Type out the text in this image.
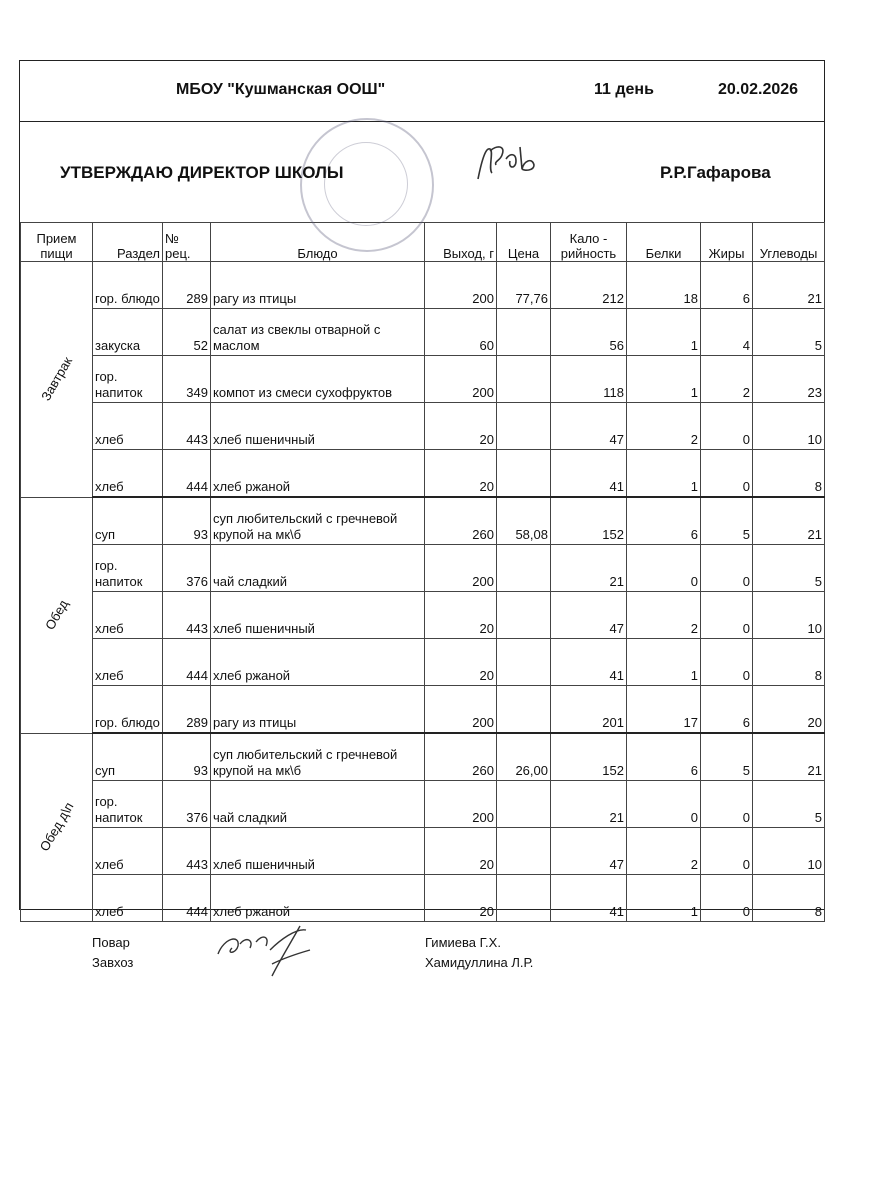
МБОУ "Кушманская ООШ"	11 день	20.02.2026
УТВЕРЖДАЮ ДИРЕКТОР ШКОЛЫ	Р.Р.Гафарова
Прием пищи	Раздел	№ рец.	Блюдо	Выход, г	Цена	Кало - рийность	Белки	Жиры	Углеводы

Завтрак	гор. блюдо	289	рагу из птицы	200	77,76	212	18	6	21
	закуска	52	салат из свеклы отварной с маслом	60		56	1	4	5
	гор. напиток	349	компот из смеси сухофруктов	200		118	1	2	23
	хлеб	443	хлеб пшеничный	20		47	2	0	10
	хлеб	444	хлеб ржаной	20		41	1	0	8

Обед	суп	93	суп любительский с гречневой крупой на мк\б	260	58,08	152	6	5	21
	гор. напиток	376	чай сладкий	200		21	0	0	5
	хлеб	443	хлеб пшеничный	20		47	2	0	10
	хлеб	444	хлеб ржаной	20		41	1	0	8
	гор. блюдо	289	рагу из птицы	200		201	17	6	20

Обед д\п	суп	93	суп любительский с гречневой крупой на мк\б	260	26,00	152	6	5	21
	гор. напиток	376	чай сладкий	200		21	0	0	5
	хлеб	443	хлеб пшеничный	20		47	2	0	10
	хлеб	444	хлеб ржаной	20		41	1	0	8
Повар
Завхоз
Гимиева Г.Х.
Хамидуллина Л.Р.
